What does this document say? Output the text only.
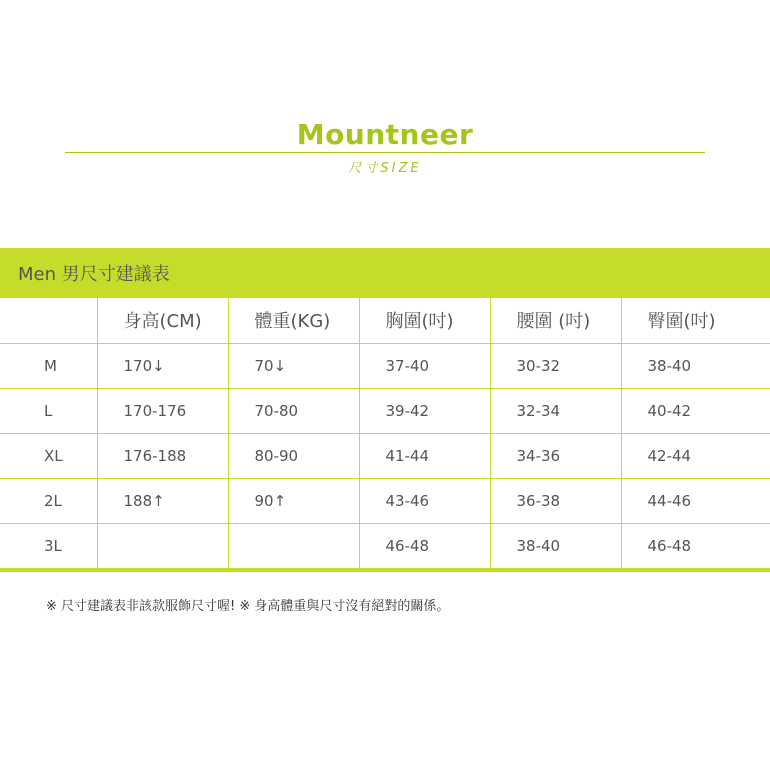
Mountneer
尺寸SIZE
Men 男尺寸建議表
	身高(CM)	體重(KG)	胸圍(吋)	腰圍 (吋)	臀圍(吋)
M	170↓	70↓	37-40	30-32	38-40
L	170-176	70-80	39-42	32-34	40-42
XL	176-188	80-90	41-44	34-36	42-44
2L	188↑	90↑	43-46	36-38	44-46
3L			46-48	38-40	46-48
※ 尺寸建議表非該款服飾尺寸喔! ※ 身高體重與尺寸沒有絕對的關係。
